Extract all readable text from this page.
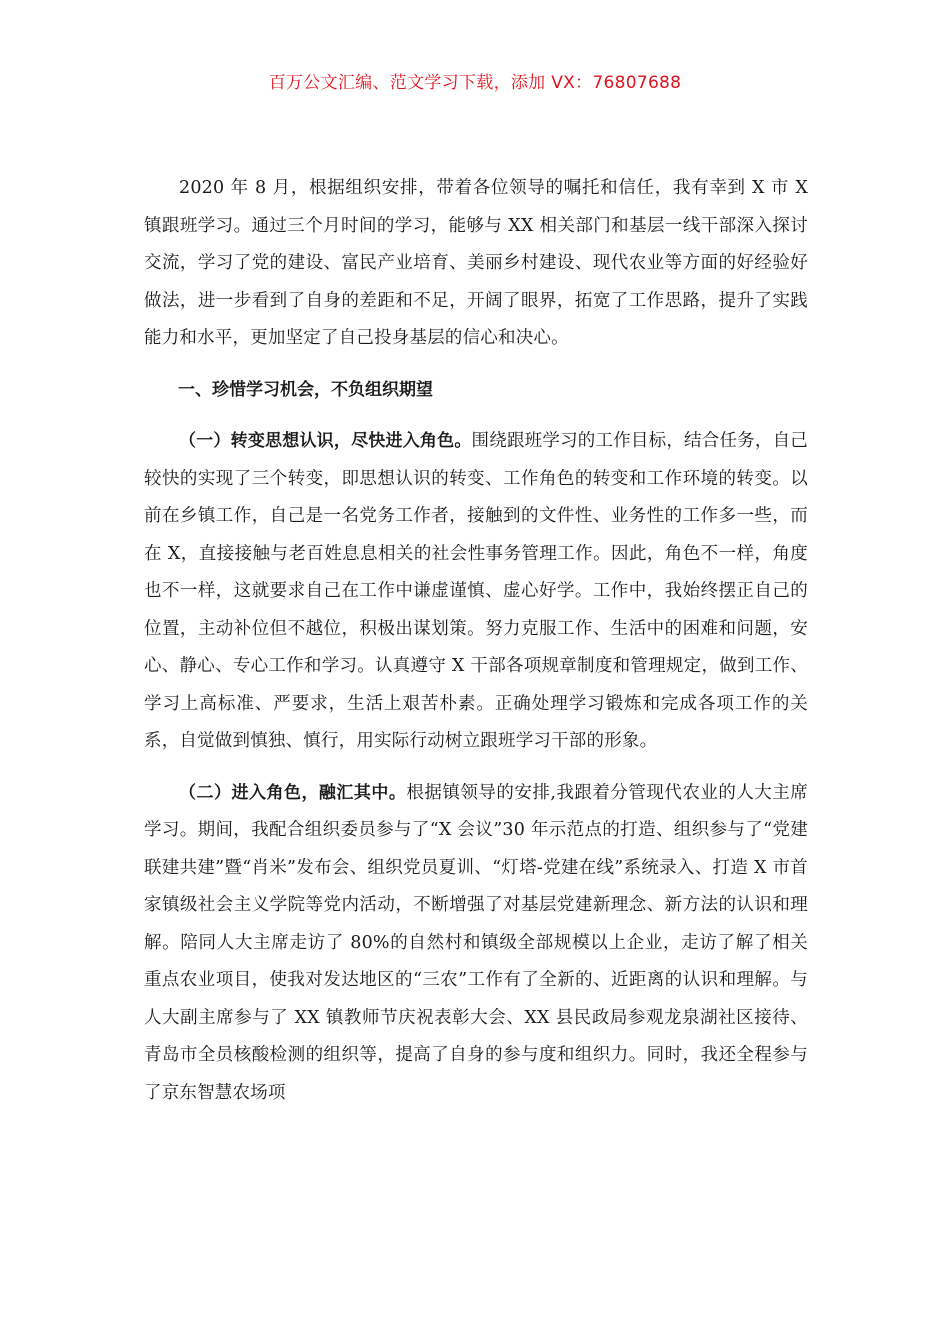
百万公文汇编、范文学习下载，添加 VX：76807688

2020 年 8 月，根据组织安排，带着各位领导的嘱托和信任，我有幸到 X 市 X 镇跟班学习。通过三个月时间的学习，能够与 XX 相关部门和基层一线干部深入探讨交流，学习了党的建设、富民产业培育、美丽乡村建设、现代农业等方面的好经验好做法，进一步看到了自身的差距和不足，开阔了眼界，拓宽了工作思路，提升了实践能力和水平，更加坚定了自己投身基层的信心和决心。

一、珍惜学习机会，不负组织期望

（一）转变思想认识，尽快进入角色。围绕跟班学习的工作目标，结合任务，自己较快的实现了三个转变，即思想认识的转变、工作角色的转变和工作环境的转变。以前在乡镇工作，自己是一名党务工作者，接触到的文件性、业务性的工作多一些，而在 X，直接接触与老百姓息息相关的社会性事务管理工作。因此，角色不一样，角度也不一样，这就要求自己在工作中谦虚谨慎、虚心好学。工作中，我始终摆正自己的位置，主动补位但不越位，积极出谋划策。努力克服工作、生活中的困难和问题，安心、静心、专心工作和学习。认真遵守 X 干部各项规章制度和管理规定，做到工作、学习上高标准、严要求，生活上艰苦朴素。正确处理学习锻炼和完成各项工作的关系，自觉做到慎独、慎行，用实际行动树立跟班学习干部的形象。

（二）进入角色，融汇其中。根据镇领导的安排,我跟着分管现代农业的人大主席学习。期间，我配合组织委员参与了“X 会议”30 年示范点的打造、组织参与了“党建联建共建”暨“肖米”发布会、组织党员夏训、“灯塔-党建在线”系统录入、打造 X 市首家镇级社会主义学院等党内活动，不断增强了对基层党建新理念、新方法的认识和理解。陪同人大主席走访了 80%的自然村和镇级全部规模以上企业，走访了解了相关重点农业项目，使我对发达地区的“三农”工作有了全新的、近距离的认识和理解。与人大副主席参与了 XX 镇教师节庆祝表彰大会、XX 县民政局参观龙泉湖社区接待、青岛市全员核酸检测的组织等，提高了自身的参与度和组织力。同时，我还全程参与了京东智慧农场项
